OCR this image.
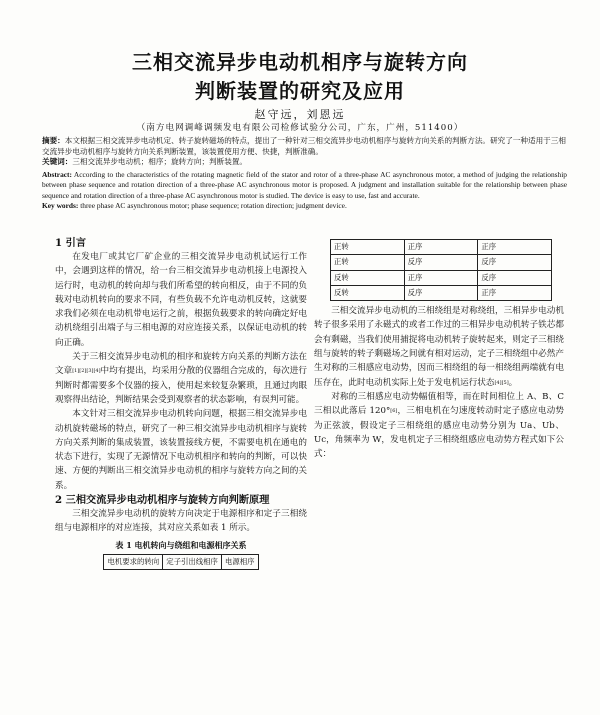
三相交流异步电动机相序与旋转方向
判断装置的研究及应用
赵守远，刘恩远
（南方电网调峰调频发电有限公司检修试验分公司，广东，广州，511400）
摘要：本文根据三相交流异步电动机定、转子旋转磁场的特点，提出了一种针对三相交流异步电动机相序与旋转方向关系的判断方法。研究了一种适用于三相交流异步电动机相序与旋转方向关系判断装置，该装置使用方便、快捷，判断准确。
关键词：三相交流异步电动机；相序；旋转方向；判断装置。
Abstract: According to the characteristics of the rotating magnetic field of the stator and rotor of a three-phase AC asynchronous motor, a method of judging the relationship between phase sequence and rotation direction of a three-phase AC asynchronous motor is proposed. A judgment and installation suitable for the relationship between phase sequence and rotation direction of a three-phase AC asynchronous motor is studied. The device is easy to use, fast and accurate.
Key words: three phase AC asynchronous motor; phase sequence; rotation direction; judgment device.
1 引言

在发电厂或其它厂矿企业的三相交流异步电动机试运行工作中，会遇到这样的情况，给一台三相交流异步电动机接上电源投入运行时，电动机的转向却与我们所希望的转向相反，由于不同的负载对电动机转向的要求不同，有些负载不允许电动机反转，这就要求我们必须在电动机带电运行之前，根据负载要求的转向确定好电动机绕组引出端子与三相电源的对应连接关系，以保证电动机的转向正确。

关于三相交流异步电动机的相序和旋转方向关系的判断方法在文章[1][2][3][4]中均有提出，均采用分散的仪器组合完成的，每次进行判断时都需要多个仪器的接入，使用起来较复杂繁琐，且通过肉眼观察得出结论，判断结果会受到观察者的状态影响，有误判可能。

本文针对三相交流异步电动机转向问题，根据三相交流异步电动机旋转磁场的特点，研究了一种三相交流异步电动机相序与旋转方向关系判断的集成装置，该装置接线方便，不需要电机在通电的状态下进行，实现了无源情况下电动机相序和转向的判断，可以快速、方便的判断出三相交流异步电动机的相序与旋转方向之间的关系。

2 三相交流异步电动机相序与旋转方向判断原理

三相交流异步电动机的旋转方向决定于电源相序和定子三相绕组与电源相序的对应连接，其对应关系如表 1 所示。

表 1 电机转向与绕组和电源相序关系
电机要求的转向	定子引出线相序	电源相序
正转	正序	正序
正转	反序	反序
反转	正序	反序
反转	反序	正序

三相交流异步电动机的三相绕组是对称绕组，三相异步电动机转子很多采用了永磁式的或者工作过的三相异步电动机转子铁芯都会有剩磁，当我们使用捕捉将电动机转子旋转起来，则定子三相绕组与旋转的转子剩磁场之间就有相对运动，定子三相绕组中必然产生对称的三相感应电动势，因而三相绕组的每一相绕组两端就有电压存在，此时电动机实际上处于发电机运行状态[4][5]。

对称的三相感应电动势幅值相等，而在时间相位上 A、B、C 三相以此落后 120°[6]，三相电机在匀速度转动时定子感应电动势为正弦波，假设定子三相绕组的感应电动势分别为 Ua、Ub、Uc，角频率为 W，发电机定子三相绕组感应电动势方程式如下公式：
